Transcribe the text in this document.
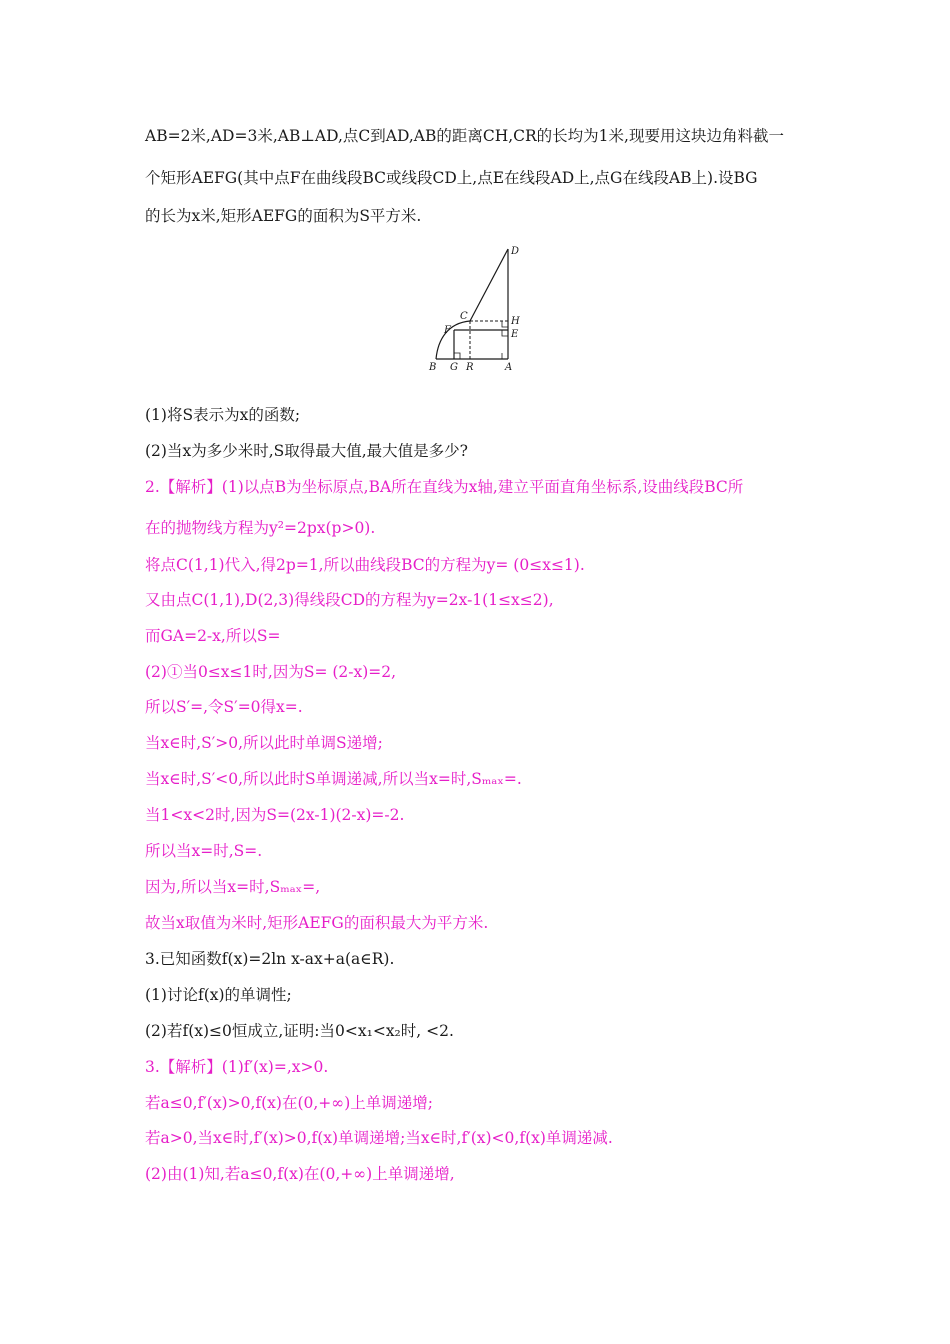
AB=2米,AD=3米,AB⊥AD,点C到AD,AB的距离CH,CR的长均为1米,现要用这块边角料截一
个矩形AEFG(其中点F在曲线段BC或线段CD上,点E在线段AD上,点G在线段AB上).设BG
的长为x米,矩形AEFG的面积为S平方米.
D
C	H
F	E
B G R	A
(1)将S表示为x的函数;
(2)当x为多少米时,S取得最大值,最大值是多少?
2.【解析】(1)以点B为坐标原点,BA所在直线为x轴,建立平面直角坐标系,设曲线段BC所
在的抛物线方程为y²=2px(p>0).
将点C(1,1)代入,得2p=1,所以曲线段BC的方程为y= (0≤x≤1).
又由点C(1,1),D(2,3)得线段CD的方程为y=2x-1(1≤x≤2),
而GA=2-x,所以S=
(2)①当0≤x≤1时,因为S= (2-x)=2,
所以S′=,令S′=0得x=.
当x∈时,S′>0,所以此时单调S递增;
当x∈时,S′<0,所以此时S单调递减,所以当x=时,Sₘₐₓ=.
当1<x<2时,因为S=(2x-1)(2-x)=-2.
所以当x=时,S=.
因为,所以当x=时,Sₘₐₓ=,
故当x取值为米时,矩形AEFG的面积最大为平方米.
3.已知函数f(x)=2ln x-ax+a(a∈R).
(1)讨论f(x)的单调性;
(2)若f(x)≤0恒成立,证明:当0<x₁<x₂时, <2.
3.【解析】(1)f′(x)=,x>0.
若a≤0,f′(x)>0,f(x)在(0,+∞)上单调递增;
若a>0,当x∈时,f′(x)>0,f(x)单调递增;当x∈时,f′(x)<0,f(x)单调递减.
(2)由(1)知,若a≤0,f(x)在(0,+∞)上单调递增,
